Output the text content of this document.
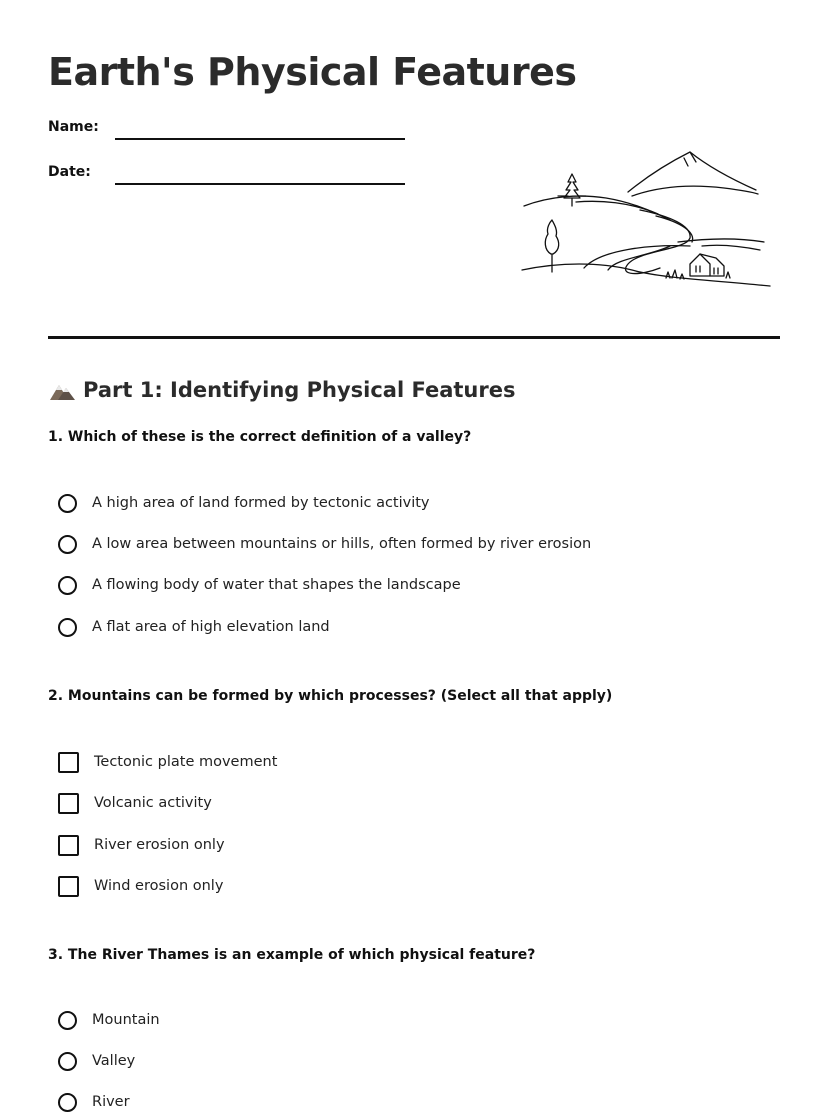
Earth's Physical Features
Name:
Date:
Part 1: Identifying Physical Features
1. Which of these is the correct definition of a valley?
A high area of land formed by tectonic activity
A low area between mountains or hills, often formed by river erosion
A flowing body of water that shapes the landscape
A flat area of high elevation land
2. Mountains can be formed by which processes? (Select all that apply)
Tectonic plate movement
Volcanic activity
River erosion only
Wind erosion only
3. The River Thames is an example of which physical feature?
Mountain
Valley
River
